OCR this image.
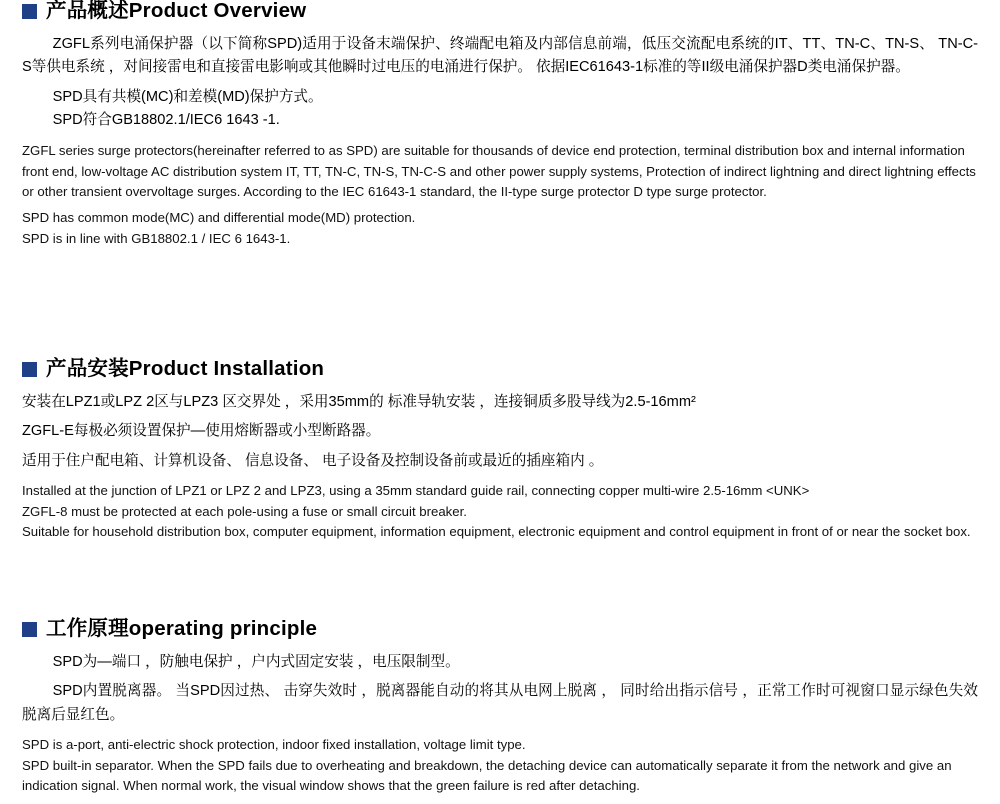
产品概述Product Overview

ZGFL系列电涌保护器（以下简称SPD)适用于设备末端保护、终端配电箱及内部信息前端，低压交流配电系统的IT、TT、TN-C、TN-S、 TN-C-S等供电系统 ，对间接雷电和直接雷电影响或其他瞬时过电压的电涌进行保护。 依据IEC61643-1标准的等II级电涌保护器D类电涌保护器。

SPD具有共模(MC)和差模(MD)保护方式。

SPD符合GB18802.1/IEC6 1643 -1.

ZGFL series surge protectors(hereinafter referred to as SPD) are suitable for thousands of device end protection, terminal distribution box and internal information front end, low-voltage AC distribution system IT, TT, TN-C, TN-S, TN-C-S and other power supply systems, Protection of indirect lightning and direct lightning effects or other transient overvoltage surges. According to the IEC 61643-1 standard, the II-type surge protector D type surge protector.

SPD has common mode(MC) and differential mode(MD) protection.

SPD is in line with GB18802.1 / IEC 6 1643-1.

产品安装Product Installation

安装在LPZ1或LPZ 2区与LPZ3 区交界处 ，采用35mm的 标准导轨安装 ，连接铜质多股导线为2.5-16mm²

ZGFL-E每极必须设置保护—使用熔断器或小型断路器。

适用于住户配电箱、计算机设备、 信息设备、 电子设备及控制设备前或最近的插座箱内 。

Installed at the junction of LPZ1 or LPZ 2 and LPZ3, using a 35mm standard guide rail, connecting copper multi-wire 2.5-16mm <UNK>

ZGFL-8 must be protected at each pole-using a fuse or small circuit breaker.

Suitable for household distribution box, computer equipment, information equipment, electronic equipment and control equipment in front of or near the socket box.

工作原理operating principle

SPD为—端口 ，防触电保护 ，户内式固定安装 ，电压限制型。

SPD内置脱离器。 当SPD因过热、 击穿失效时 ，脱离器能自动的将其从电网上脱离 ， 同时给出指示信号 ，正常工作时可视窗口显示绿色失效脱离后显红色。

SPD is a-port, anti-electric shock protection, indoor fixed installation, voltage limit type.

SPD built-in separator. When the SPD fails due to overheating and breakdown, the detaching device can automatically separate it from the network and give an indication signal. When normal work, the visual window shows that the green failure is red after detaching.
